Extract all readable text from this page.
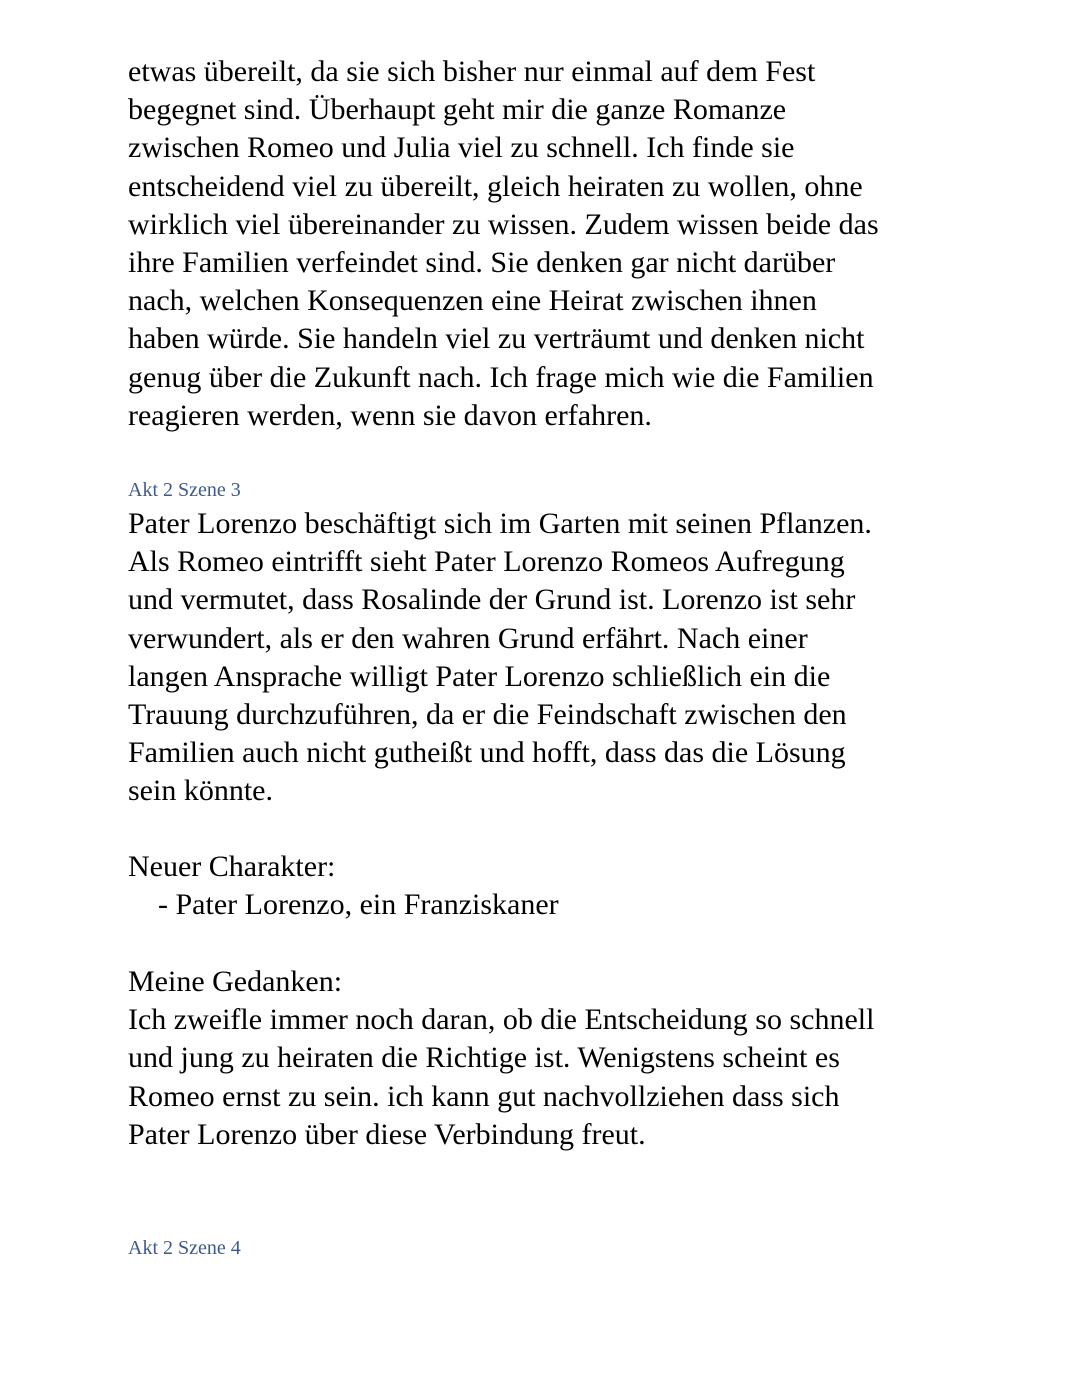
etwas übereilt, da sie sich bisher nur einmal auf dem Fest
begegnet sind. Überhaupt geht mir die ganze Romanze
zwischen Romeo und Julia viel zu schnell. Ich finde sie
entscheidend viel zu übereilt, gleich heiraten zu wollen, ohne
wirklich viel übereinander zu wissen. Zudem wissen beide das
ihre Familien verfeindet sind. Sie denken gar nicht darüber
nach, welchen Konsequenzen eine Heirat zwischen ihnen
haben würde. Sie handeln viel zu verträumt und denken nicht
genug über die Zukunft nach. Ich frage mich wie die Familien
reagieren werden, wenn sie davon erfahren.
Akt 2 Szene 3
Pater Lorenzo beschäftigt sich im Garten mit seinen Pflanzen.
Als Romeo eintrifft sieht Pater Lorenzo Romeos Aufregung
und vermutet, dass Rosalinde der Grund ist. Lorenzo ist sehr
verwundert, als er den wahren Grund erfährt. Nach einer
langen Ansprache willigt Pater Lorenzo schließlich ein die
Trauung durchzuführen, da er die Feindschaft zwischen den
Familien auch nicht gutheißt und hofft, dass das die Lösung
sein könnte.
Neuer Charakter:
- Pater Lorenzo, ein Franziskaner
Meine Gedanken:
Ich zweifle immer noch daran, ob die Entscheidung so schnell
und jung zu heiraten die Richtige ist. Wenigstens scheint es
Romeo ernst zu sein. ich kann gut nachvollziehen dass sich
Pater Lorenzo über diese Verbindung freut.
Akt 2 Szene 4
